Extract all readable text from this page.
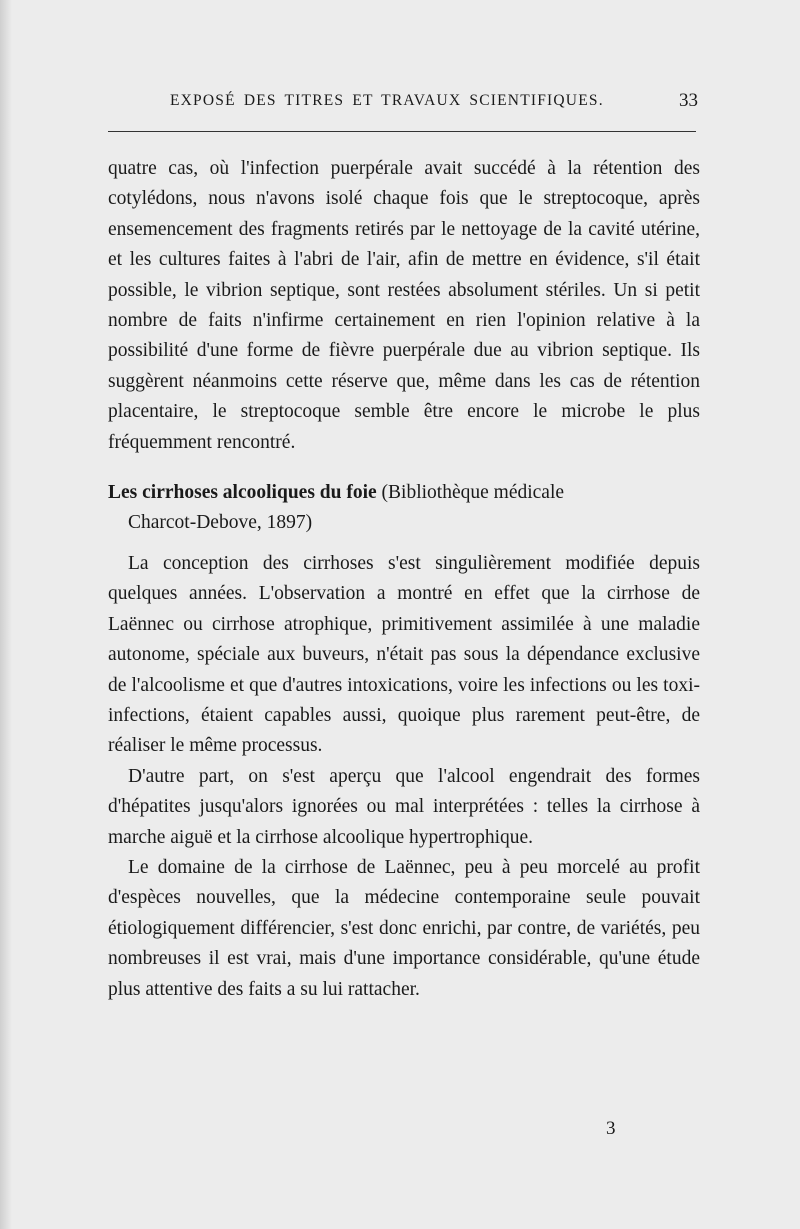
EXPOSÉ DES TITRES ET TRAVAUX SCIENTIFIQUES.	33

quatre cas, où l'infection puerpérale avait succédé à la rétention des cotylédons, nous n'avons isolé chaque fois que le streptocoque, après ensemencement des fragments retirés par le nettoyage de la cavité utérine, et les cultures faites à l'abri de l'air, afin de mettre en évidence, s'il était possible, le vibrion septique, sont restées absolument stériles. Un si petit nombre de faits n'infirme certainement en rien l'opinion relative à la possibilité d'une forme de fièvre puerpérale due au vibrion septique. Ils suggèrent néanmoins cette réserve que, même dans les cas de rétention placentaire, le streptocoque semble être encore le microbe le plus fréquemment rencontré.

Les cirrhoses alcooliques du foie (Bibliothèque médicale
Charcot-Debove, 1897)

La conception des cirrhoses s'est singulièrement modifiée depuis quelques années. L'observation a montré en effet que la cirrhose de Laënnec ou cirrhose atrophique, primitivement assimilée à une maladie autonome, spéciale aux buveurs, n'était pas sous la dépendance exclusive de l'alcoolisme et que d'autres intoxications, voire les infections ou les toxi-infections, étaient capables aussi, quoique plus rarement peut-être, de réaliser le même processus.

D'autre part, on s'est aperçu que l'alcool engendrait des formes d'hépatites jusqu'alors ignorées ou mal interprétées : telles la cirrhose à marche aiguë et la cirrhose alcoolique hypertrophique.

Le domaine de la cirrhose de Laënnec, peu à peu morcelé au profit d'espèces nouvelles, que la médecine contemporaine seule pouvait étiologiquement différencier, s'est donc enrichi, par contre, de variétés, peu nombreuses il est vrai, mais d'une importance considérable, qu'une étude plus attentive des faits a su lui rattacher.

3
